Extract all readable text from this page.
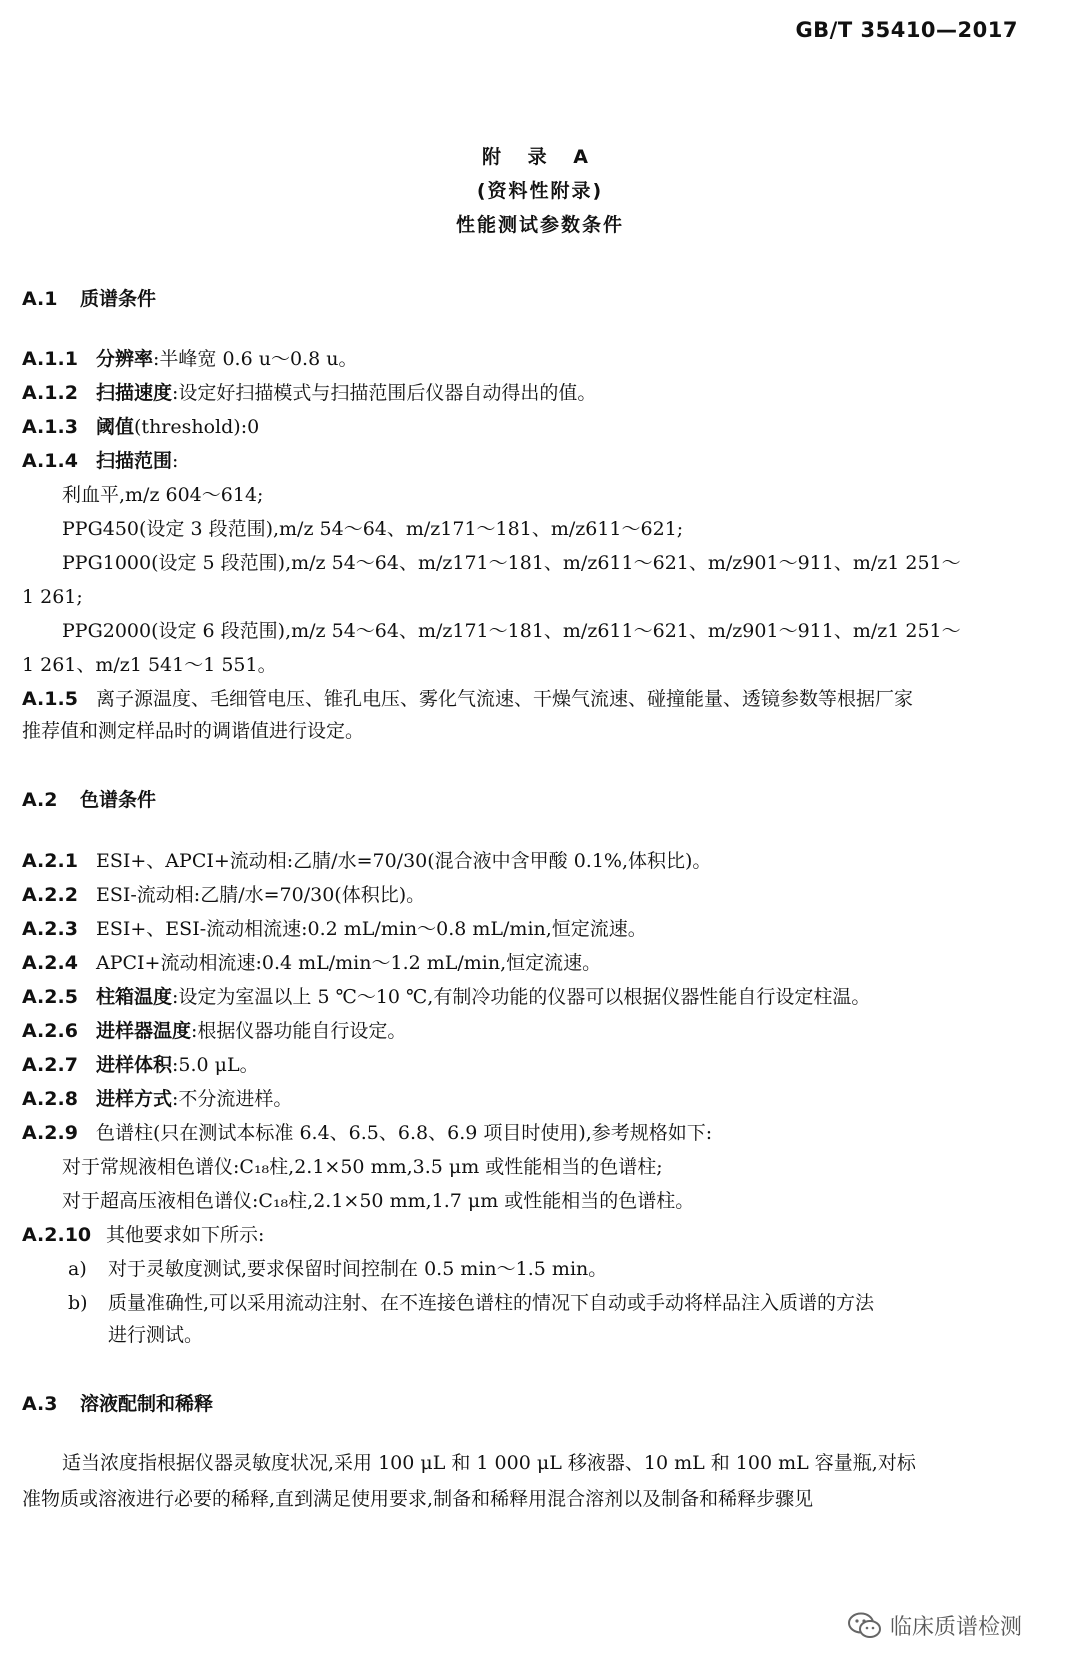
GB/T 35410—2017
附 录 A
(资料性附录)
性能测试参数条件
A.1 质谱条件
A.1.1 分辨率:半峰宽 0.6 u～0.8 u。
A.1.2 扫描速度:设定好扫描模式与扫描范围后仪器自动得出的值。
A.1.3 阈值(threshold):0
A.1.4 扫描范围:
利血平,m/z 604～614;
PPG450(设定 3 段范围),m/z 54～64、m/z171～181、m/z611～621;
PPG1000(设定 5 段范围),m/z 54～64、m/z171～181、m/z611～621、m/z901～911、m/z1 251～
1 261;
PPG2000(设定 6 段范围),m/z 54～64、m/z171～181、m/z611～621、m/z901～911、m/z1 251～
1 261、m/z1 541～1 551。
A.1.5 离子源温度、毛细管电压、锥孔电压、雾化气流速、干燥气流速、碰撞能量、透镜参数等根据厂家
推荐值和测定样品时的调谐值进行设定。
A.2 色谱条件
A.2.1 ESI+、APCI+流动相:乙腈/水=70/30(混合液中含甲酸 0.1%,体积比)。
A.2.2 ESI-流动相:乙腈/水=70/30(体积比)。
A.2.3 ESI+、ESI-流动相流速:0.2 mL/min～0.8 mL/min,恒定流速。
A.2.4 APCI+流动相流速:0.4 mL/min～1.2 mL/min,恒定流速。
A.2.5 柱箱温度:设定为室温以上 5 ℃～10 ℃,有制冷功能的仪器可以根据仪器性能自行设定柱温。
A.2.6 进样器温度:根据仪器功能自行设定。
A.2.7 进样体积:5.0 μL。
A.2.8 进样方式:不分流进样。
A.2.9 色谱柱(只在测试本标准 6.4、6.5、6.8、6.9 项目时使用),参考规格如下:
对于常规液相色谱仪:C₁₈柱,2.1×50 mm,3.5 μm 或性能相当的色谱柱;
对于超高压液相色谱仪:C₁₈柱,2.1×50 mm,1.7 μm 或性能相当的色谱柱。
A.2.10 其他要求如下所示:
a) 对于灵敏度测试,要求保留时间控制在 0.5 min～1.5 min。
b) 质量准确性,可以采用流动注射、在不连接色谱柱的情况下自动或手动将样品注入质谱的方法
进行测试。
A.3 溶液配制和稀释
适当浓度指根据仪器灵敏度状况,采用 100 μL 和 1 000 μL 移液器、10 mL 和 100 mL 容量瓶,对标
准物质或溶液进行必要的稀释,直到满足使用要求,制备和稀释用混合溶剂以及制备和稀释步骤见
临床质谱检测
